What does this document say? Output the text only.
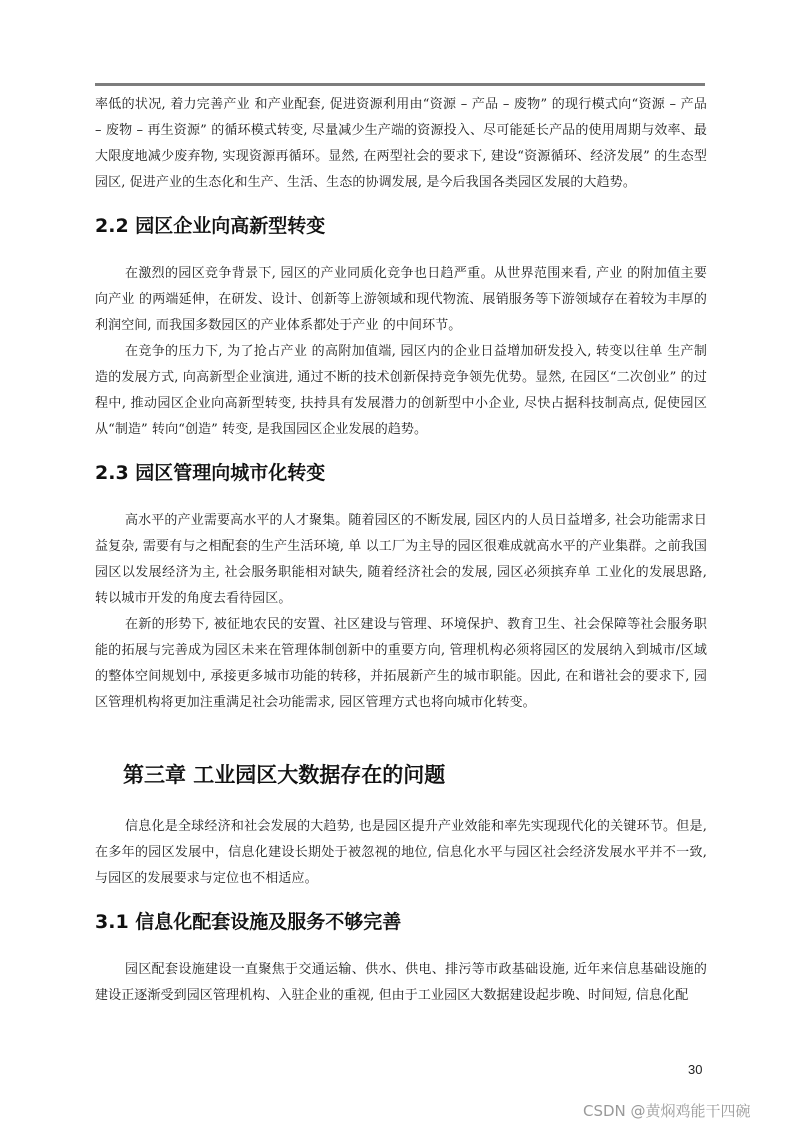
率低的状况, 着力完善产业 和产业配套, 促进资源利用由“资源 – 产品 – 废物” 的现行模式向“资源 – 产品 – 废物 – 再生资源” 的循环模式转变, 尽量减少生产端的资源投入、尽可能延长产品的使用周期与效率、最大限度地减少废弃物, 实现资源再循环。显然, 在两型社会的要求下, 建设“资源循环、经济发展” 的生态型园区, 促进产业的生态化和生产、生活、生态的协调发展, 是今后我国各类园区发展的大趋势。

2.2 园区企业向高新型转变

在激烈的园区竞争背景下, 园区的产业同质化竞争也日趋严重。从世界范围来看, 产业 的附加值主要向产业 的两端延伸，在研发、设计、创新等上游领域和现代物流、展销服务等下游领域存在着较为丰厚的利润空间, 而我国多数园区的产业体系都处于产业 的中间环节。

在竞争的压力下, 为了抢占产业 的高附加值端, 园区内的企业日益增加研发投入, 转变以往单 生产制造的发展方式, 向高新型企业演进, 通过不断的技术创新保持竞争领先优势。显然, 在园区“二次创业” 的过程中, 推动园区企业向高新型转变, 扶持具有发展潜力的创新型中小企业, 尽快占据科技制高点, 促使园区从“制造” 转向“创造” 转变, 是我国园区企业发展的趋势。

2.3 园区管理向城市化转变

高水平的产业需要高水平的人才聚集。随着园区的不断发展, 园区内的人员日益增多, 社会功能需求日益复杂, 需要有与之相配套的生产生活环境, 单 以工厂为主导的园区很难成就高水平的产业集群。之前我国园区以发展经济为主, 社会服务职能相对缺失, 随着经济社会的发展, 园区必须摈弃单 工业化的发展思路, 转以城市开发的角度去看待园区。

在新的形势下, 被征地农民的安置、社区建设与管理、环境保护、教育卫生、社会保障等社会服务职能的拓展与完善成为园区未来在管理体制创新中的重要方向, 管理机构必须将园区的发展纳入到城市/区域的整体空间规划中, 承接更多城市功能的转移，并拓展新产生的城市职能。因此, 在和谐社会的要求下, 园 区管理机构将更加注重满足社会功能需求, 园区管理方式也将向城市化转变。

第三章 工业园区大数据存在的问题

信息化是全球经济和社会发展的大趋势, 也是园区提升产业效能和率先实现现代化的关键环节。但是, 在多年的园区发展中，信息化建设长期处于被忽视的地位, 信息化水平与园区社会经济发展水平并不一致, 与园区的发展要求与定位也不相适应。

3.1 信息化配套设施及服务不够完善

园区配套设施建设一直聚焦于交通运输、供水、供电、排污等市政基础设施, 近年来信息基础设施的建设正逐渐受到园区管理机构、入驻企业的重视, 但由于工业园区大数据建设起步晚、时间短, 信息化配

30
CSDN @黄焖鸡能干四碗
